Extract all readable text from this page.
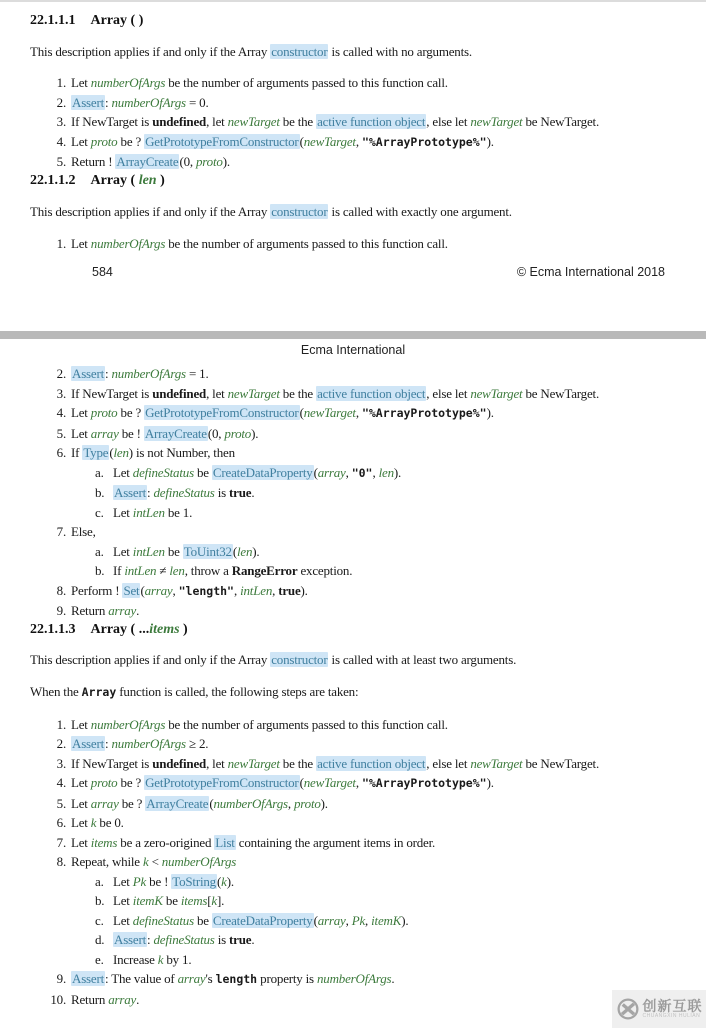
22.1.1.1 Array ( )

This description applies if and only if the Array constructor is called with no arguments.

1. Let numberOfArgs be the number of arguments passed to this function call.
2. Assert: numberOfArgs = 0.
3. If NewTarget is undefined, let newTarget be the active function object, else let newTarget be NewTarget.
4. Let proto be ? GetPrototypeFromConstructor(newTarget, "%ArrayPrototype%").
5. Return ! ArrayCreate(0, proto).
22.1.1.2 Array ( len )

This description applies if and only if the Array constructor is called with exactly one argument.

1. Let numberOfArgs be the number of arguments passed to this function call.
584	© Ecma International 2018
Ecma International
2. Assert: numberOfArgs = 1.
3. If NewTarget is undefined, let newTarget be the active function object, else let newTarget be NewTarget.
4. Let proto be ? GetPrototypeFromConstructor(newTarget, "%ArrayPrototype%").
5. Let array be ! ArrayCreate(0, proto).
6. If Type(len) is not Number, then
a. Let defineStatus be CreateDataProperty(array, "0", len).
b. Assert: defineStatus is true.
c. Let intLen be 1.
7. Else,
a. Let intLen be ToUint32(len).
b. If intLen ≠ len, throw a RangeError exception.
8. Perform ! Set(array, "length", intLen, true).
9. Return array.
22.1.1.3 Array ( ...items )

This description applies if and only if the Array constructor is called with at least two arguments.

When the Array function is called, the following steps are taken:

1. Let numberOfArgs be the number of arguments passed to this function call.
2. Assert: numberOfArgs ≥ 2.
3. If NewTarget is undefined, let newTarget be the active function object, else let newTarget be NewTarget.
4. Let proto be ? GetPrototypeFromConstructor(newTarget, "%ArrayPrototype%").
5. Let array be ? ArrayCreate(numberOfArgs, proto).
6. Let k be 0.
7. Let items be a zero-origined List containing the argument items in order.
8. Repeat, while k < numberOfArgs
a. Let Pk be ! ToString(k).
b. Let itemK be items[k].
c. Let defineStatus be CreateDataProperty(array, Pk, itemK).
d. Assert: defineStatus is true.
e. Increase k by 1.
9. Assert: The value of array's length property is numberOfArgs.
10. Return array.	创新互联
CHUANGXIN HULIAN
